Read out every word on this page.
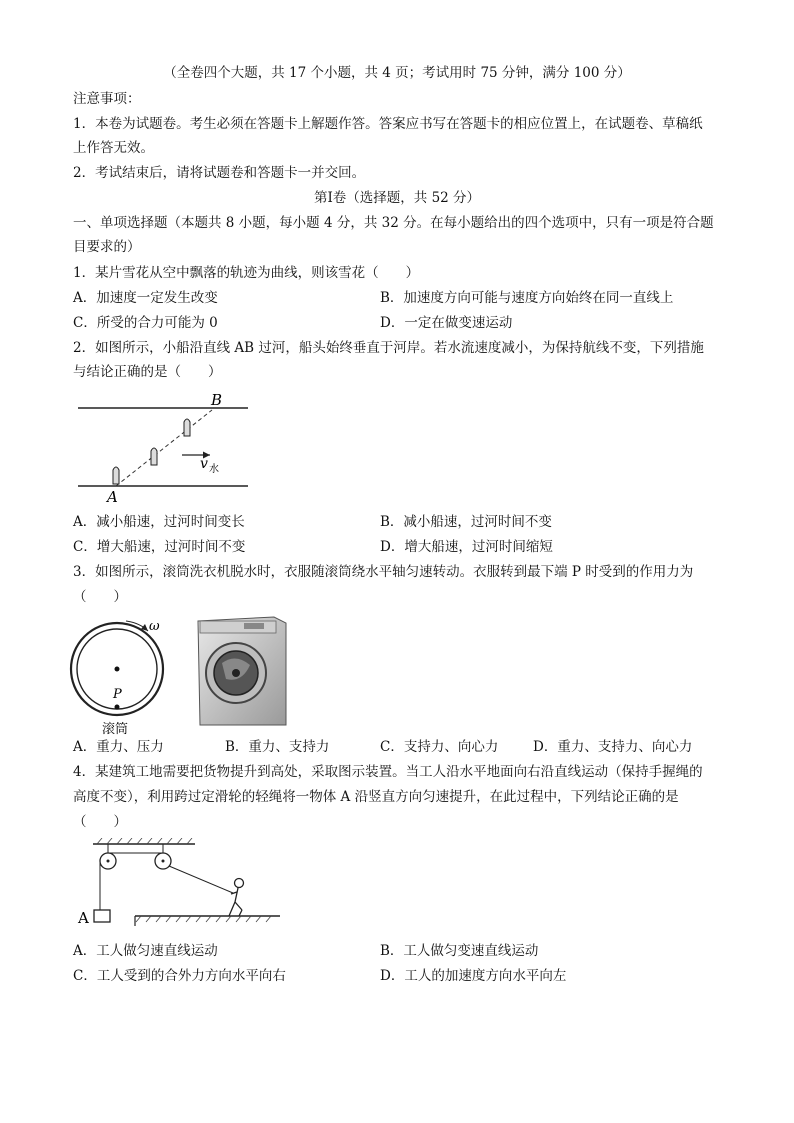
（全卷四个大题，共 17 个小题，共 4 页；考试用时 75 分钟，满分 100 分）
注意事项：
1．本卷为试题卷。考生必须在答题卡上解题作答。答案应书写在答题卡的相应位置上，在试题卷、草稿纸
上作答无效。
2．考试结束后，请将试题卷和答题卡一并交回。
第Ⅰ卷（选择题，共 52 分）
一、单项选择题（本题共 8 小题，每小题 4 分，共 32 分。在每小题给出的四个选项中，只有一项是符合题
目要求的）
1．某片雪花从空中飘落的轨迹为曲线，则该雪花（　　）
A．加速度一定发生改变	B．加速度方向可能与速度方向始终在同一直线上
C．所受的合力可能为 0	D．一定在做变速运动
2．如图所示，小船沿直线 AB 过河，船头始终垂直于河岸。若水流速度减小，为保持航线不变，下列措施
与结论正确的是（　　）
v 水
B
A
A．减小船速，过河时间变长	B．减小船速，过河时间不变
C．增大船速，过河时间不变	D．增大船速，过河时间缩短
3．如图所示，滚筒洗衣机脱水时，衣服随滚筒绕水平轴匀速转动。衣服转到最下端 P 时受到的作用力为
（　　）
ω
P
滚筒
A．重力、压力	B．重力、支持力	C．支持力、向心力	D．重力、支持力、向心力
4．某建筑工地需要把货物提升到高处，采取图示装置。当工人沿水平地面向右沿直线运动（保持手握绳的
高度不变），利用跨过定滑轮的轻绳将一物体 A 沿竖直方向匀速提升，在此过程中，下列结论正确的是
（　　）
A
A．工人做匀速直线运动	B．工人做匀变速直线运动
C．工人受到的合外力方向水平向右	D．工人的加速度方向水平向左
